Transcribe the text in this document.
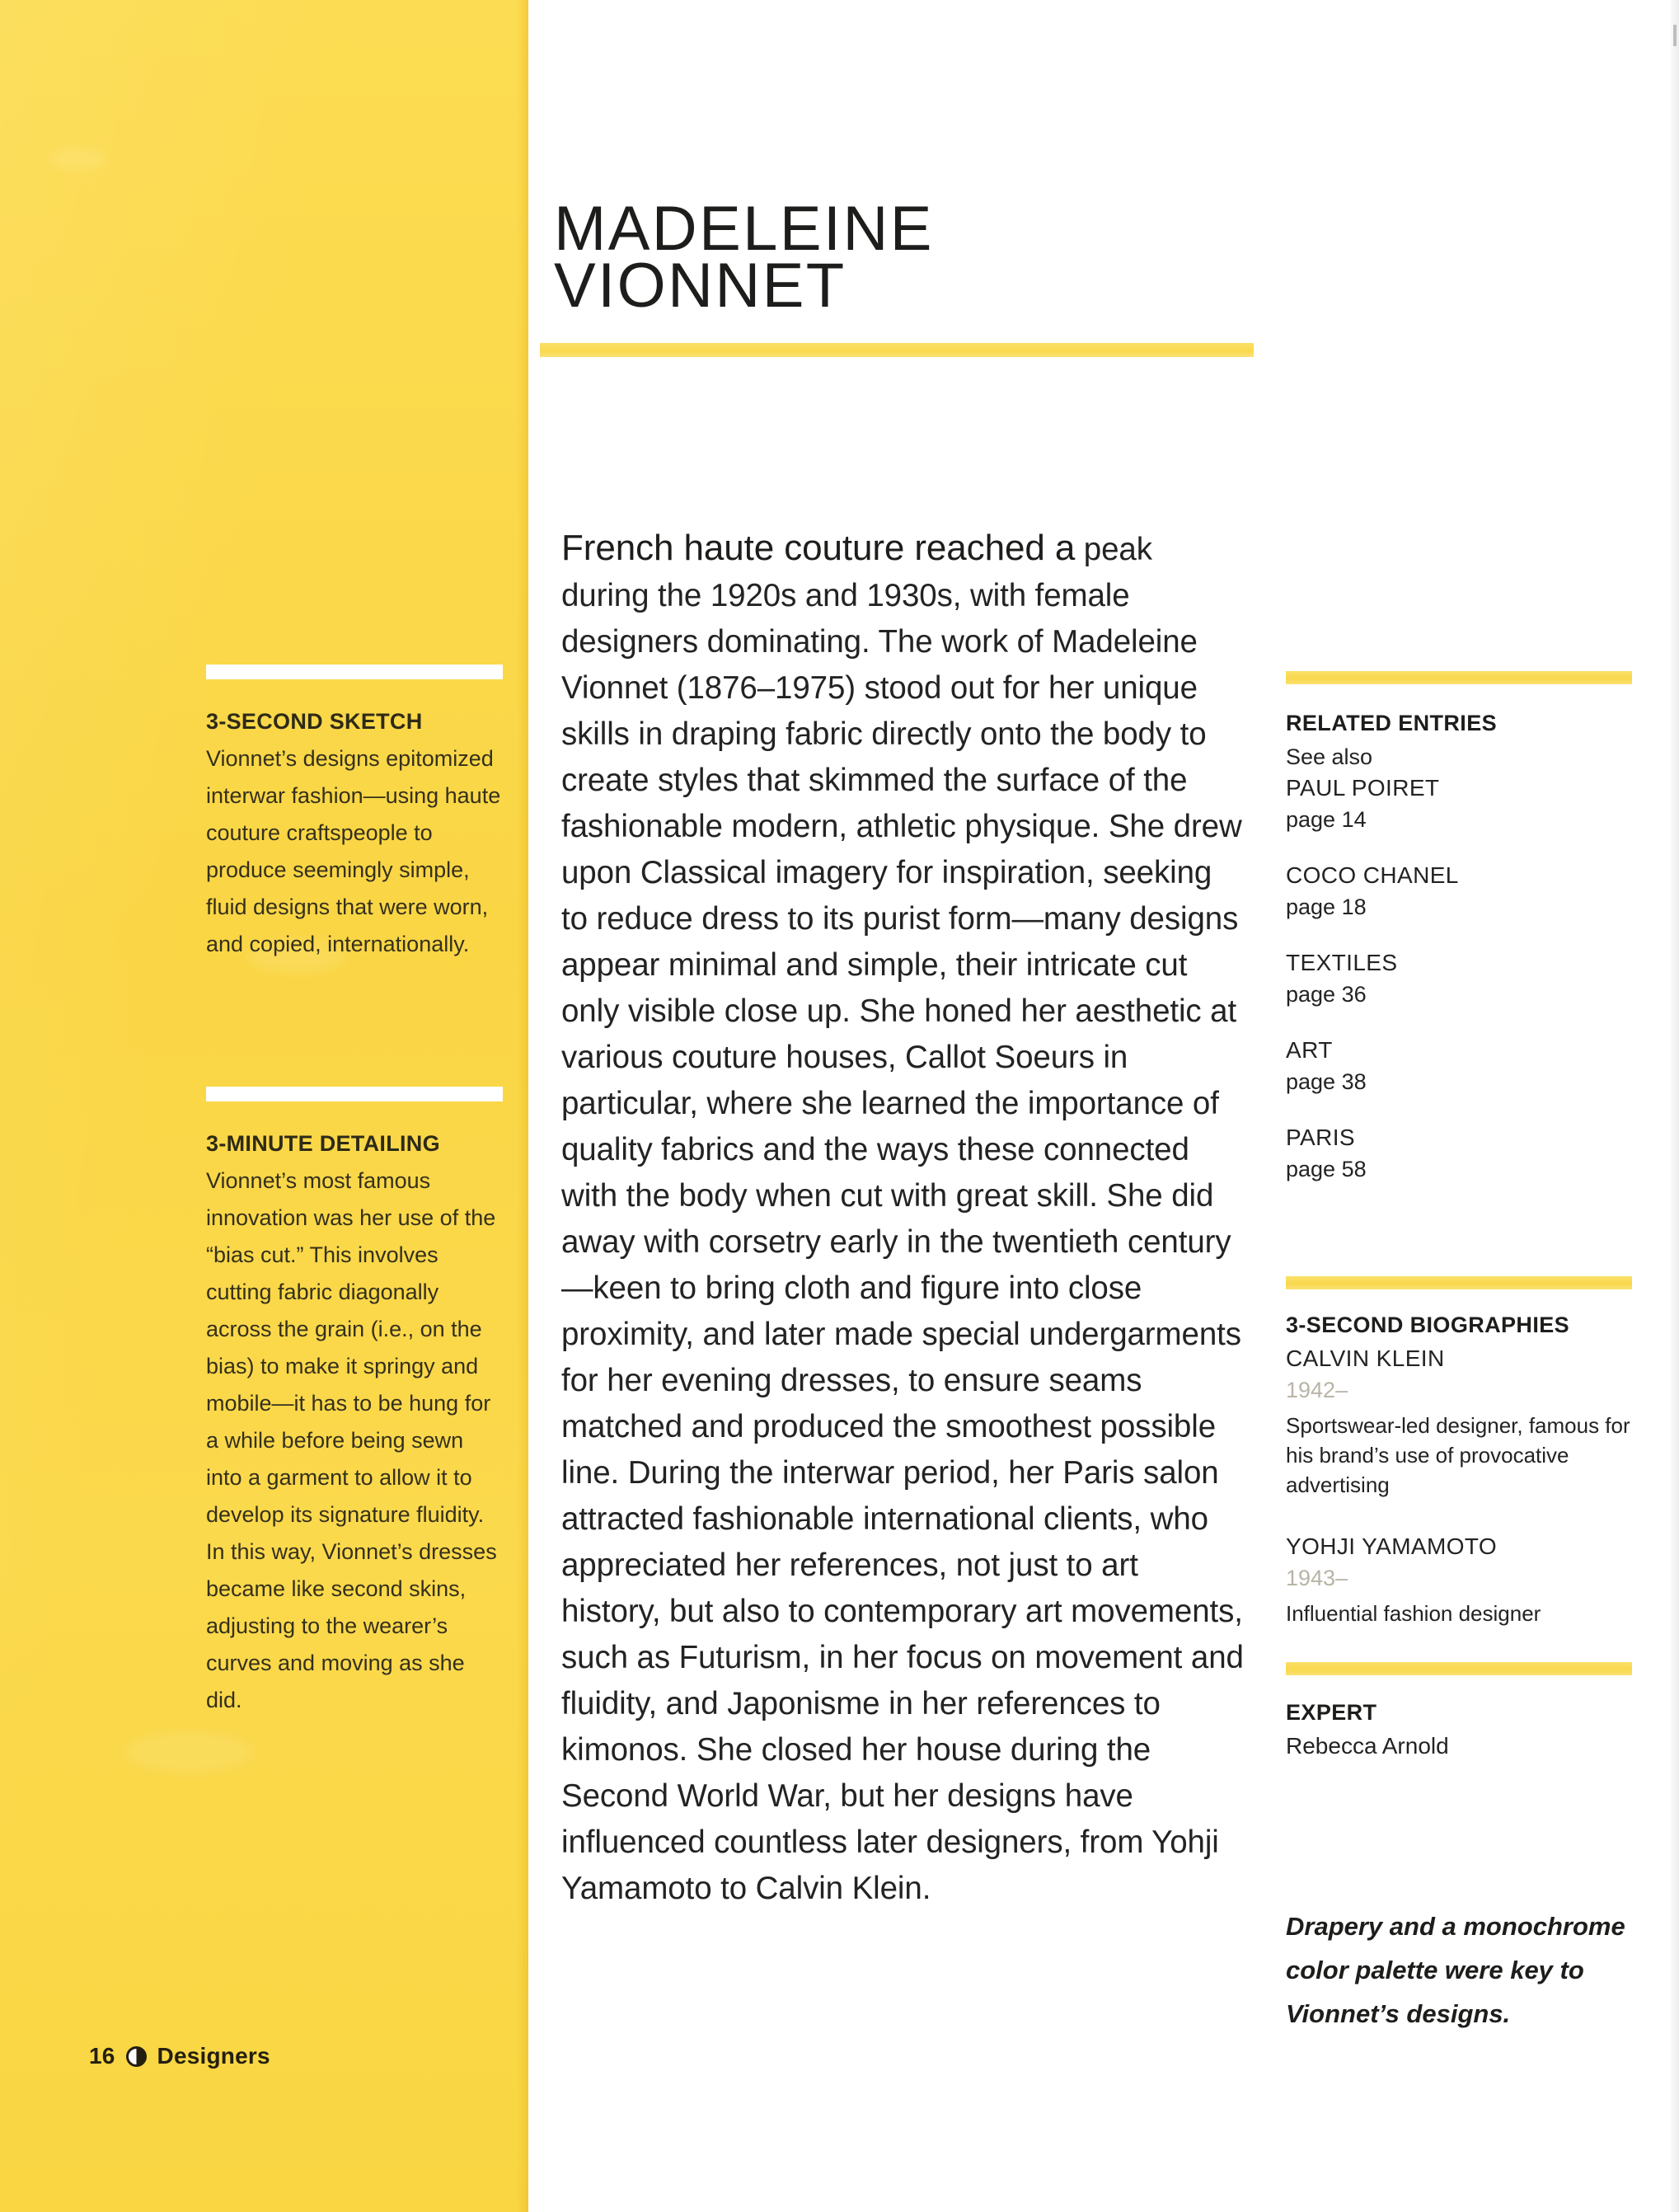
MADELEINE
VIONNET

French haute couture reached a peak during the 1920s and 1930s, with female designers dominating. The work of Madeleine Vionnet (1876–1975) stood out for her unique skills in draping fabric directly onto the body to create styles that skimmed the surface of the fashionable modern, athletic physique. She drew upon Classical imagery for inspiration, seeking to reduce dress to its purist form—many designs appear minimal and simple, their intricate cut only visible close up. She honed her aesthetic at various couture houses, Callot Soeurs in particular, where she learned the importance of quality fabrics and the ways these connected with the body when cut with great skill. She did away with corsetry early in the twentieth century—keen to bring cloth and figure into close proximity, and later made special undergarments for her evening dresses, to ensure seams matched and produced the smoothest possible line. During the interwar period, her Paris salon attracted fashionable international clients, who appreciated her references, not just to art history, but also to contemporary art movements, such as Futurism, in her focus on movement and fluidity, and Japonisme in her references to kimonos. She closed her house during the Second World War, but her designs have influenced countless later designers, from Yohji Yamamoto to Calvin Klein.

3-SECOND SKETCH
Vionnet’s designs epitomized interwar fashion—using haute couture craftspeople to produce seemingly simple, fluid designs that were worn, and copied, internationally.
3-MINUTE DETAILING
Vionnet’s most famous innovation was her use of the “bias cut.” This involves cutting fabric diagonally across the grain (i.e., on the bias) to make it springy and mobile—it has to be hung for a while before being sewn into a garment to allow it to develop its signature fluidity. In this way, Vionnet’s dresses became like second skins, adjusting to the wearer’s curves and moving as she did.
16 Designers
RELATED ENTRIES
See also
PAUL POIRET
page 14
COCO CHANEL
page 18
TEXTILES
page 36
ART
page 38
PARIS
page 58
3-SECOND BIOGRAPHIES
CALVIN KLEIN
1942–
Sportswear-led designer, famous for his brand’s use of provocative advertising
YOHJI YAMAMOTO
1943–
Influential fashion designer
EXPERT
Rebecca Arnold
Drapery and a monochrome color palette were key to Vionnet’s designs.
